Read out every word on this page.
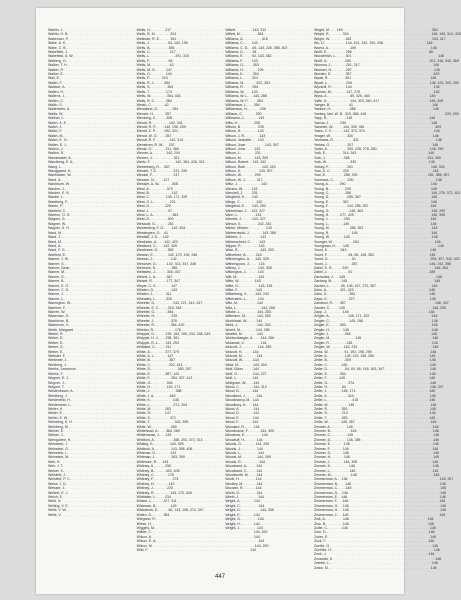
Wahlin, J. . . .	217
Wahlin, H. B. . . .	324
Wakeman, P. . . .	391
Wake, A. K. . . .	54, 142, 199
Wake, C. B. . . .	356
Wakefield, J. . . .	217
Wakefield, A. W. . . .	291, 310
Walberg, O. . . .	66
Walker, T. H. . . .	42
Walker, R. . . .	147
Walker, E. . . .	144
Wall, E. . . .	224
Waller, F. . . .	354
Wallace, A. . . .	354
Wallen, H. . . .	174
Wallens, J. . . .	354, 404
Wallen, C. . . .	284
Wallin, S. . . .	42
Wallerstein, A. . . .	284
Wallis, W. . . .	357
Wallner, L. . . .	306
Walsh, A. E. . . .	142, 331
Walsh, J. . . .	142, 196, 259
Walsh, F. . . .	292, 321
Walsh, M. . . .	257
Walsh, E. O. . . .	142, 314
Walter, E. J. . . .	207
Walton, J. . . .	311, 366
Walton, R. . . .	142, 204
Wanamaker, A. . . .	321
Wandberg, E. A. . . .	142, 364, 426, 321
Wang, L. . . .	367
Wanggaard, H. . . .	231, 239
Wanhalsen, W. . . .	147
Ward, A. . . .	127
Washburn, W. . . .	308
Warden, J. . . .	379
Warden, E. B. . . .	142
Wardle, L. . . .	149, 171, 329
Wardberg, F. . . .	221
Waren, P. . . .	225
Warfield, C. . . .	97
Wareon, O. G. . . .	363
Wagner, G. . . .	309
Wagner, W. . . .	261
Wagner, S. H. . . .	142, 404
Ward, M. . . .	41
Ward, J. . . .	142
Ward, M. . . .	142, 420
Ward, A. . . .	142, 405
Ward, F. G. . . .	365
Warfield, E. . . .	142, 170, 199, 246
Warner, J. W. . . .	142
Warner, G. . . .	142, 313, 347, 348
Warner, Dean . . .	286
Warner, M. . . .	300, 407
Warner, D. . . .	347
Warner, B. . . .	177, 347
Warner, E. O. . . .	147
Warner, C. D. . . .	143
Warner, J. . . .	311
Warner, L. . . .	325
Warrington, W. . . .	143, 221, 313, 347
Warriner, F. . . .	319, 348
Warren, W. . . .	384
Waseman, G. . . .	239
Washburn, B. . . .	376
Waterrock, V. . . .	364, 420
Webb, Margaret . . .	176
Weber, R. . . .	139, 164, 196, 244, 248, 249
Weber, D. . . .	258, 351
Weber, E. . . .	143, 253
Weber, G. . . .	211
Weber, E. . . .	377, 379
Webster, F. . . .	147
Wedewer, J. . . .	387
Wedberg, J. . . .	202, 414
Weeks, Lawrence . . .	353, 357
Weeks, F. . . .	387, 143
Wegner, E. J. . . .	284, 307, 412
Wegner, J. . . .	394
Wegner, T. . . .	149, 171
Weidenbaum, A. . . .	388
Weidberg, J. . . .	449
Weidenfeld, H. . . .	148
Weidemann, L. . . .	271, 304
Weiler, H. . . .	283
Weiler, E. . . .	147
Weiler, E. W. . . .	372
Weinberg, S. H. . . .	342, 355
Weinberg, M. . . .	369
Weiner, E. . . .	364, 389
Weiner, J. . . .	143
Weingarten, H. . . .	288, 293, 372, 313
Weinstein, J. . . .	143, 405
Weinstein, G. . . .	143, 358, 406
Weinstein, L. . . .	143
Weinstein, M. . . .	183, 399
Weir, H. . . .	143
Weir, J. T. . . .	206
Weiser, K. . . .	402, 405
Weisfeld, J. . . .	179
Weisfeld, P. C. . . .	274
Weiss, J. D. . . .	143
Weisser, J. . . .	220
Weitzel, E. J. . . .	143, 170, 426
Welch, E. . . .	234
Weld, H. . . .	227, 311
Welling, V. E. . . .	143
Wells, V. W. . . .	64, 143, 198, 274, 347
Wells, V. . . .	384
Wells, H. . . .	143, 312
Wells, R. M. . . .	354
Wellman, R. E. . . .	416
Wells, J. . . .	143
Wells, B. . . .	65, 143, 226, 388, 402
Wells, C. . . .	54
Wells, L. . . .	92, 143, 382
Wells, F. . . .	143
Wells, M. . . .	353
Wells, M. G. . . .	205
Wells, O. . . .	354
Wells, P. . . .	324
Wells, R. J. . . .	202, 353
Wells, S. . . .	354
Wells, T. . . .	143
Wells, W. . . .	143, 288
Wells, R. C. . . .	353
Welsh, C. . . .	354
Wendland, G. . . .	206
Wenzel, H. . . .	290
Wenberg, C. . . .	143
Wendt, R. . . .	205
Wendt, R. P. . . .	235
Wendt, E. P. . . .	143
Wendt, W. O. . . .	143
Wendt, R. F. . . .	143
Wenstrom, R. W. . . .	143, 307
Wentz, O. . . .	143
Werner, A. . . .	231
Werner, J. . . .	143, 309
Wertz, F. . . .	143, 342
Wesenberg, R. . . .	143, 243
Wessel, T. E. . . .	143, 307
Wessel, F. . . .	299
Wessen, N. . . .	317
Wessler, A. W. . . .	143
West, A. . . .	143
West, B. . . .	201
West, C. . . .	143
West, G. L. . . .	143
West, H. . . .	143, 290
West, J. . . .	143, 327
West, L. A. . . .	143
West, R. . . .	143, 327
Westcott, G. . . .	242, 341
Westerberg, F. O. . . .	143
Westergren, O. . . .	143, 289
Westfall, J. D. . . .	143
Westholm, A. . . .	143
Westlund, C. . . .	143
Westmore, G. . . .	143, 203
Weston, E. . . .	243
Weston, J. . . .	143, 325
Westover, D. . . .	143
Wetmore, S. . . .	143, 308
Wettstein, J. . . .	143
Wetzel, L. A. . . .	143
Wetzel, R. . . .	143
Weyer, C. G. . . .	143, 318
Whalen, D. . . .	143
Whalen, J. . . .	143, 243
Wheatley, L. . . .	144
Wheeler, D. . . .	144
Wheeler, E. C. . . .	144, 265
Wheeler, G. . . .	144, 283
Wheeler, H. . . .	144, 283
Wheeler, J. . . .	144
Wheeler, R. . . .	144, 263
Whelan, R. . . .	144, 265
Whipple, G. . . .	144
Whipple, H. J. . . .	144, 266
Whipple, R. L. . . .	144
Whitaker, C. . . .	144, 283
White, A. . . .	144
White, A. L. . . .	144
White, B. . . .	144
White, C. . . .	144, 304
White, D. . . .	144
White, E. . . .	144, 227
White, F. . . .	144
White, G. . . .	144
White, H. . . .	144, 312
White, J. . . .	144
White, J. A. . . .	144
White, K. . . .	144
White, L. . . .	144
White, M. . . .	144
White, R. . . .	144
White, S. . . .	144
White, T. . . .	144
White, W. . . .	144
Whitehead, A. . . .	144, 305
Whitehouse, J. . . .	144
Whitford, A. . . .	144
Whiting, E. . . .	144, 290
Whitlock, A. . . .	144
Whitman, G. . . .	144
Whitman, J. . . .	144, 269
Whitmore, R. . . .	144
Whitney, A. . . .	144
Whitney, B. . . .	144
Whitney, C. . . .	144
Whitney, F. . . .	144
Whitney, H. . . .	144
Whitney, J. . . .	144
Whitney, R. . . .	144
Whittaker, L. . . .	144
Wicker, L. . . .	144
Wickman, B. . . .	144
Wickstrom, E. . . .	144, 305
Widen, S. . . .	144
Wiegand, R. . . .	144
Wiese, H. . . .	144
Wiggins, M. . . .	144
Wilber, C. . . .	144, 290
Wilcox, A. . . .	144
Wilcox, E. A. . . .	144
Wilcox, M. . . .	144, 230
Wild, F. . . .	144
Willett . . .	169
Willett, M. . . .	324
Williams, A. . . .	163
Williams, C. . . .	144, 191, 192, 194, 258
Williams, C. D. . . .	169
Williams, D. . . .	286
Williams, E. . . .	301
Williams, F. . . .	250
Williams, G. . . .	201, 317
Williams, H. . . .	287
Williams, K. . . .	357
Williams, L. . . .	391
Williams, M. . . .	206
Williams, R. . . .	144
Williams, W. . . .	147, 275
Williams, W. L. . . .	65, 320, 400
Williams, W. F. . . .	144, 303, 340, 417
Williamson, L. . . .	41
Williamson, H. . . .	288
Willison, C. . . .	343, 368, 416
Willmann, J. . . .	216
Wills, H. . . .	290
Wilson, B. . . .	144, 305, 381
Wilson, H. . . .	143, 373, 374
Wilson, J. R. . . .	330
Wilson, Jeanette . . .	311
Wilson, Joan . . .	207
Wilson, John . . .	200, 228, 278, 280
Wilson, L. . . .	314, 343
Wilson, M. . . .	348
Wilson, Robert . . .	330
Wilson, Ruth . . .	261
Wilson, S. . . .	220
Wilson, W. . . .	286, 309
Wilson, W. J. . . .	290
Wiltz, J. . . .	290
Winans, W. . . .	229
Winchell, J. . . .	286
Wingfield, H. . . .	255, 367
Winge, C. . . .	367
Wingfield, E. . . .	144, 256, 357
Winkelman, J. . . .	145, 363
Winn, L. . . .	277, 425
Winnett, J. . . .	290
Winsor, S. . . .	145
Winter, Miriam . . .	286, 352
Winterrowdd, J. . . .	145
Winters, J. . . .	145
Winterscheid, C. . . .	264
Wipper, P. . . .	145
Wise, R. . . .	343
Witherbee, B. . . .	64, 65, 145, 353
Witherington, A. . . .	61
Witherspoon, J. . . .	357
Withey, J. . . .	290
Witkington, J. . . .	61
Witt, M. . . .	145
Witte, W. . . .	145
Witte, G. . . .	65, 145, 167, 270, 357
Witte, F. . . .	421, 423
Wittenberg, S. . . .	351
Witterstein, L. . . .	227
Witz, M. . . .	357
Witz, L. . . .	145
Witzke, L. . . .	145
Wittmann, M. . . .	145, 171, 322
Wochinski, W. . . .	145, 158
Wohl, J. . . .	353
Woehl, M. . . .	145
Woelfel, M. . . .	264
Wohlschlaeger, A. . . .	145
Wolanski, V. . . .	145
Wolcott, J. . . .	145, 234
Wolcott, H. . . .	91, 192, 198, 259
Wolcott, M. . . .	145, 192, 198, 259
Wolcott, W. . . .	309
Wold, M. . . .	145
Wolf, Eldon . . .	54, 60, 65, 145, 263, 347
Wolf, G. . . .	354
Wolf, L. . . .	145
Wolfgram, W. . . .	374
Wood, C. . . .	64
Wood, B. . . .	145, 171
Woodland, J. . . .	416
Woodmancy, M. . . .	415
Woodbury, H. . . .	145
Wood, A. . . .	353
Wood, D. . . .	210
Wood, E. . . .	353
Wood, F. . . .	145, 357
Woodard, R. . . .	145
Woodhouse, F. . . .	145
Woodrow, E. . . .	145
Woodruff, H. . . .	145, 385
Woods, G. . . .	145
Woods, J. . . .	146
Woods, L. . . .	146
Woods, M. . . .	146
Woods, R. . . .	146, 305
Woodward, A. . . .	146
Woodward, C. . . .	146
Woodworth, M. . . .	146
Woolf, H. . . .	146
Woolley, M. . . .	146
Wooster, R. . . .	146
Worth, D. . . .	146
Worth, J. . . .	146
Wright, A. . . .	146
Wright, C. . . .	146
Wright, D. . . .	146
Wright, E. . . .	146
Wright, G. . . .	146
Wright, H. . . .	146
Wright, J. . . .	146
Wright, M. . . .	354
Wright, R. . . .	146, 169, 314, 425
Wright, W. . . .	343, 417
Wu, D. . . .	146
Wuest, A. . . .	146
Wulff, E. . . .	65
Wunderlich, L. . . .	146
Wulff, G. . . .	201, 316, 343, 369
Wunrow, J. . . .	146
Wunsch, H. . . .	146
Wurster, D. . . .	429
Wyatt, R. . . .	146
Wyatt, L. . . .	146, 191, 202, 290
Wyckoff, R. . . .	146
Wyman, M. . . .	146
Wyss, A. . . .	146
Yaffe, G. . . .	146, 309
Yaeger, B. . . .	146
Yankee, H. . . .	146
Yankey, Mel. W. B. . . .	229, 290
Yapp, R. . . .	146
Yarrow, J. . . .	146
Yaschek, W. . . .	309
Yates, C. F. . . .	146
Yeager, W. . . .	146
Yeomans, R. . . .	146
Yerkes, G. . . .	146
Yoder, A. . . .	146, 290
York, E. . . .	146
York, J. . . .	311, 369
York, W. . . .	146
Yorkey, F. . . .	146, 333
Yost, D. C. . . .	146
Yost, E. . . .	281, 385, 397
Youmans, C. . . .	146
Young, A. . . .	146
Young, B. . . .	146
Young, C. . . .	146, 276, 372, 402
Young, D. . . .	146
Young, E. . . .	146
Young, F. . . .	146
Young, G. . . .	146, 290
Young, H. . . .	146, 398
Young, J. . . .	146
Young, L. . . .	146
Young, M. . . .	146
Young, R. . . .	146
Young, W. . . .	146
Younger, W. . . .	146
Youngman, H. . . .	146
Yount, E. . . .	146
Yount, F. . . .	146
Yount, G. . . .	293, 307, 342, 400
Yount, J. . . .	146, 192, 398
Zabel, E. R. . . .	146, 264
Zabel, J. . . .	289
Zacharias, J. . . .	146
Zachary, M. . . .	146
Zacher, L. . . .	146
Zahn, A. . . .	146
Zahn, D. . . .	146
Zajac, E. . . .	146
Zamboni, R. . . .	146, 347
Zander, C. . . .	146, 290
Zapp, J. . . .	146
Zeigler, A. . . .	146
Zeigler, C. . . .	146
Zeigler, E. . . .	146
Zeigler, H. . . .	146
Zeigler, J. . . .	146
Zeigler, M. . . .	146
Zeigler, R. . . .	146
Zeigler, W. . . .	146
Zeiss, W. . . .	146
Zeller, A. . . .	146
Zeller, B. . . .	146
Zeller, C. . . .	146
Zeller, D. . . .	146
Zeller, E. . . .	146
Zeller, F. . . .	146
Zeller, G. . . .	146
Zeller, H. . . .	146, 307
Zeller, J. . . .	146
Zeller, K. . . .	146
Zeller, L. . . .	146
Zeller, M. . . .	146
Zeller, R. . . .	146
Zeller, S. . . .	146
Zeller, T. . . .	146
Zeller, W. . . .	146
Zimmer, A. . . .	146
Zimmer, B. . . .	146
Zimmer, C. . . .	146
Zimmer, D. . . .	146
Zimmer, E. . . .	146
Zimmer, F. . . .	146
Zimmer, G. . . .	146
Zimmer, H. . . .	146
Zimmer, J. . . .	146
Zimmer, K. . . .	146
Zimmer, L. . . .	146
Zimmer, M. . . .	146
Zimmerman, A. . . .	146, 307
Zimmerman, B. . . .	146
Zimmerman, C. . . .	146
Zimmerman, D. . . .	146
Zimmerman, E. . . .	146
Zimmerman, F. . . .	146
Zimmerman, G. . . .	146
Zimmerman, H. . . .	146
Zimmerman, J. . . .	146
Zink, A. . . .	146
Zinn, B. . . .	146
Zoller, C. . . .	146
Zorn, D. . . .	146
Zuber, E. . . .	146
Zuck, F. . . .	146
Zuelke, G. . . .	146
Zuehlke, H. . . .	146
Zunk, J. . . .	146
Zurawski, K. . . .	146
Zweifel, L. . . .	146
Zwick, M. . . .	146
447
